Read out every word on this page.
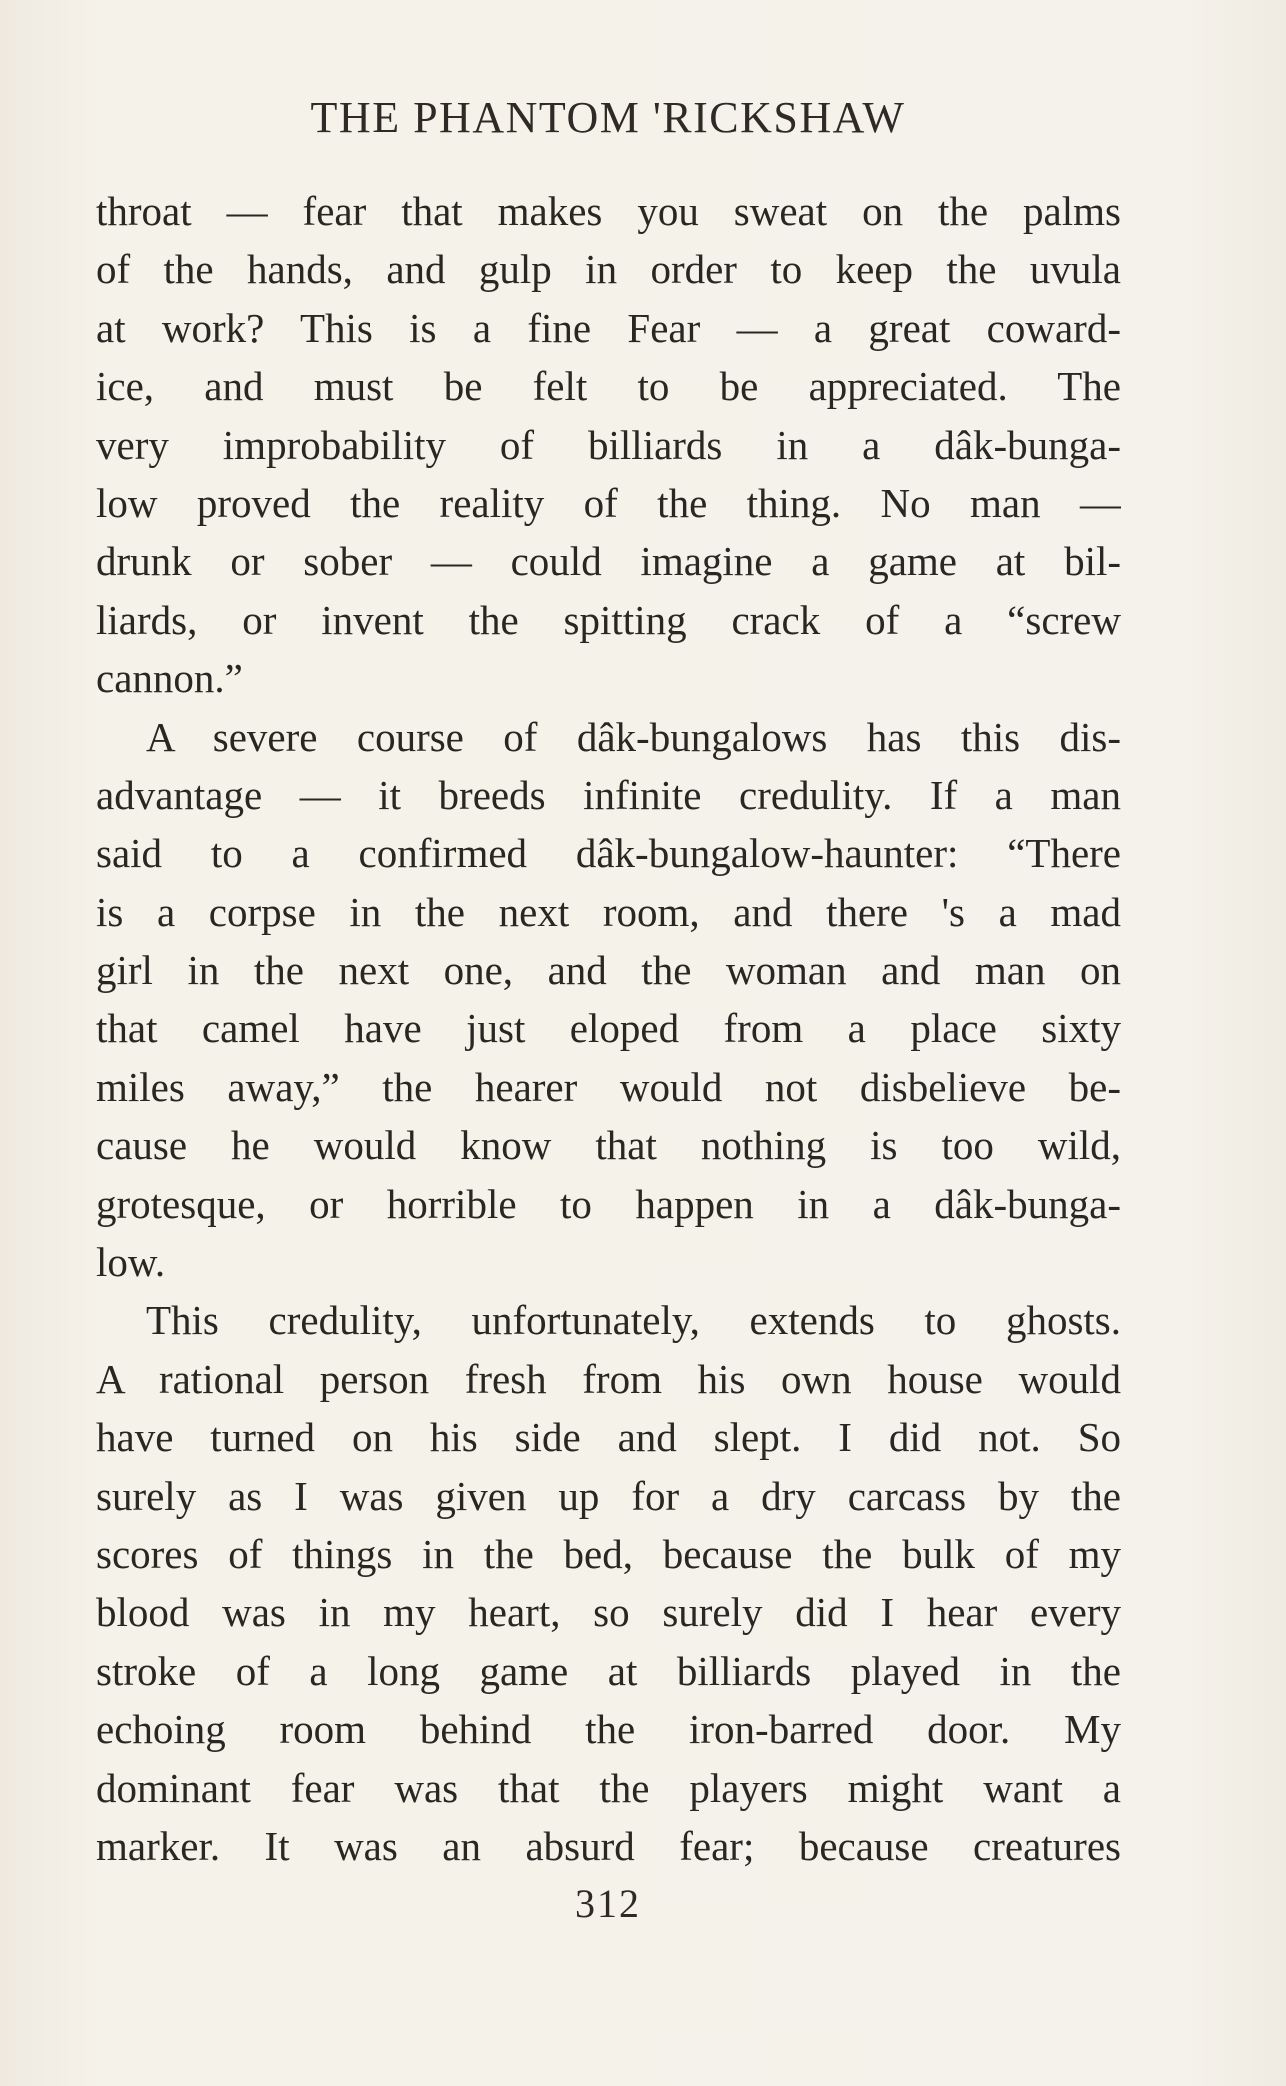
THE PHANTOM 'RICKSHAW
throat — fear that makes you sweat on the palms
of the hands, and gulp in order to keep the uvula
at work? This is a fine Fear — a great coward-
ice, and must be felt to be appreciated. The
very improbability of billiards in a dâk-bunga-
low proved the reality of the thing. No man —
drunk or sober — could imagine a game at bil-
liards, or invent the spitting crack of a “screw
cannon.”
A severe course of dâk-bungalows has this dis-
advantage — it breeds infinite credulity. If a man
said to a confirmed dâk-bungalow-haunter: “There
is a corpse in the next room, and there 's a mad
girl in the next one, and the woman and man on
that camel have just eloped from a place sixty
miles away,” the hearer would not disbelieve be-
cause he would know that nothing is too wild,
grotesque, or horrible to happen in a dâk-bunga-
low.
This credulity, unfortunately, extends to ghosts.
A rational person fresh from his own house would
have turned on his side and slept. I did not. So
surely as I was given up for a dry carcass by the
scores of things in the bed, because the bulk of my
blood was in my heart, so surely did I hear every
stroke of a long game at billiards played in the
echoing room behind the iron-barred door. My
dominant fear was that the players might want a
marker. It was an absurd fear; because creatures
312
